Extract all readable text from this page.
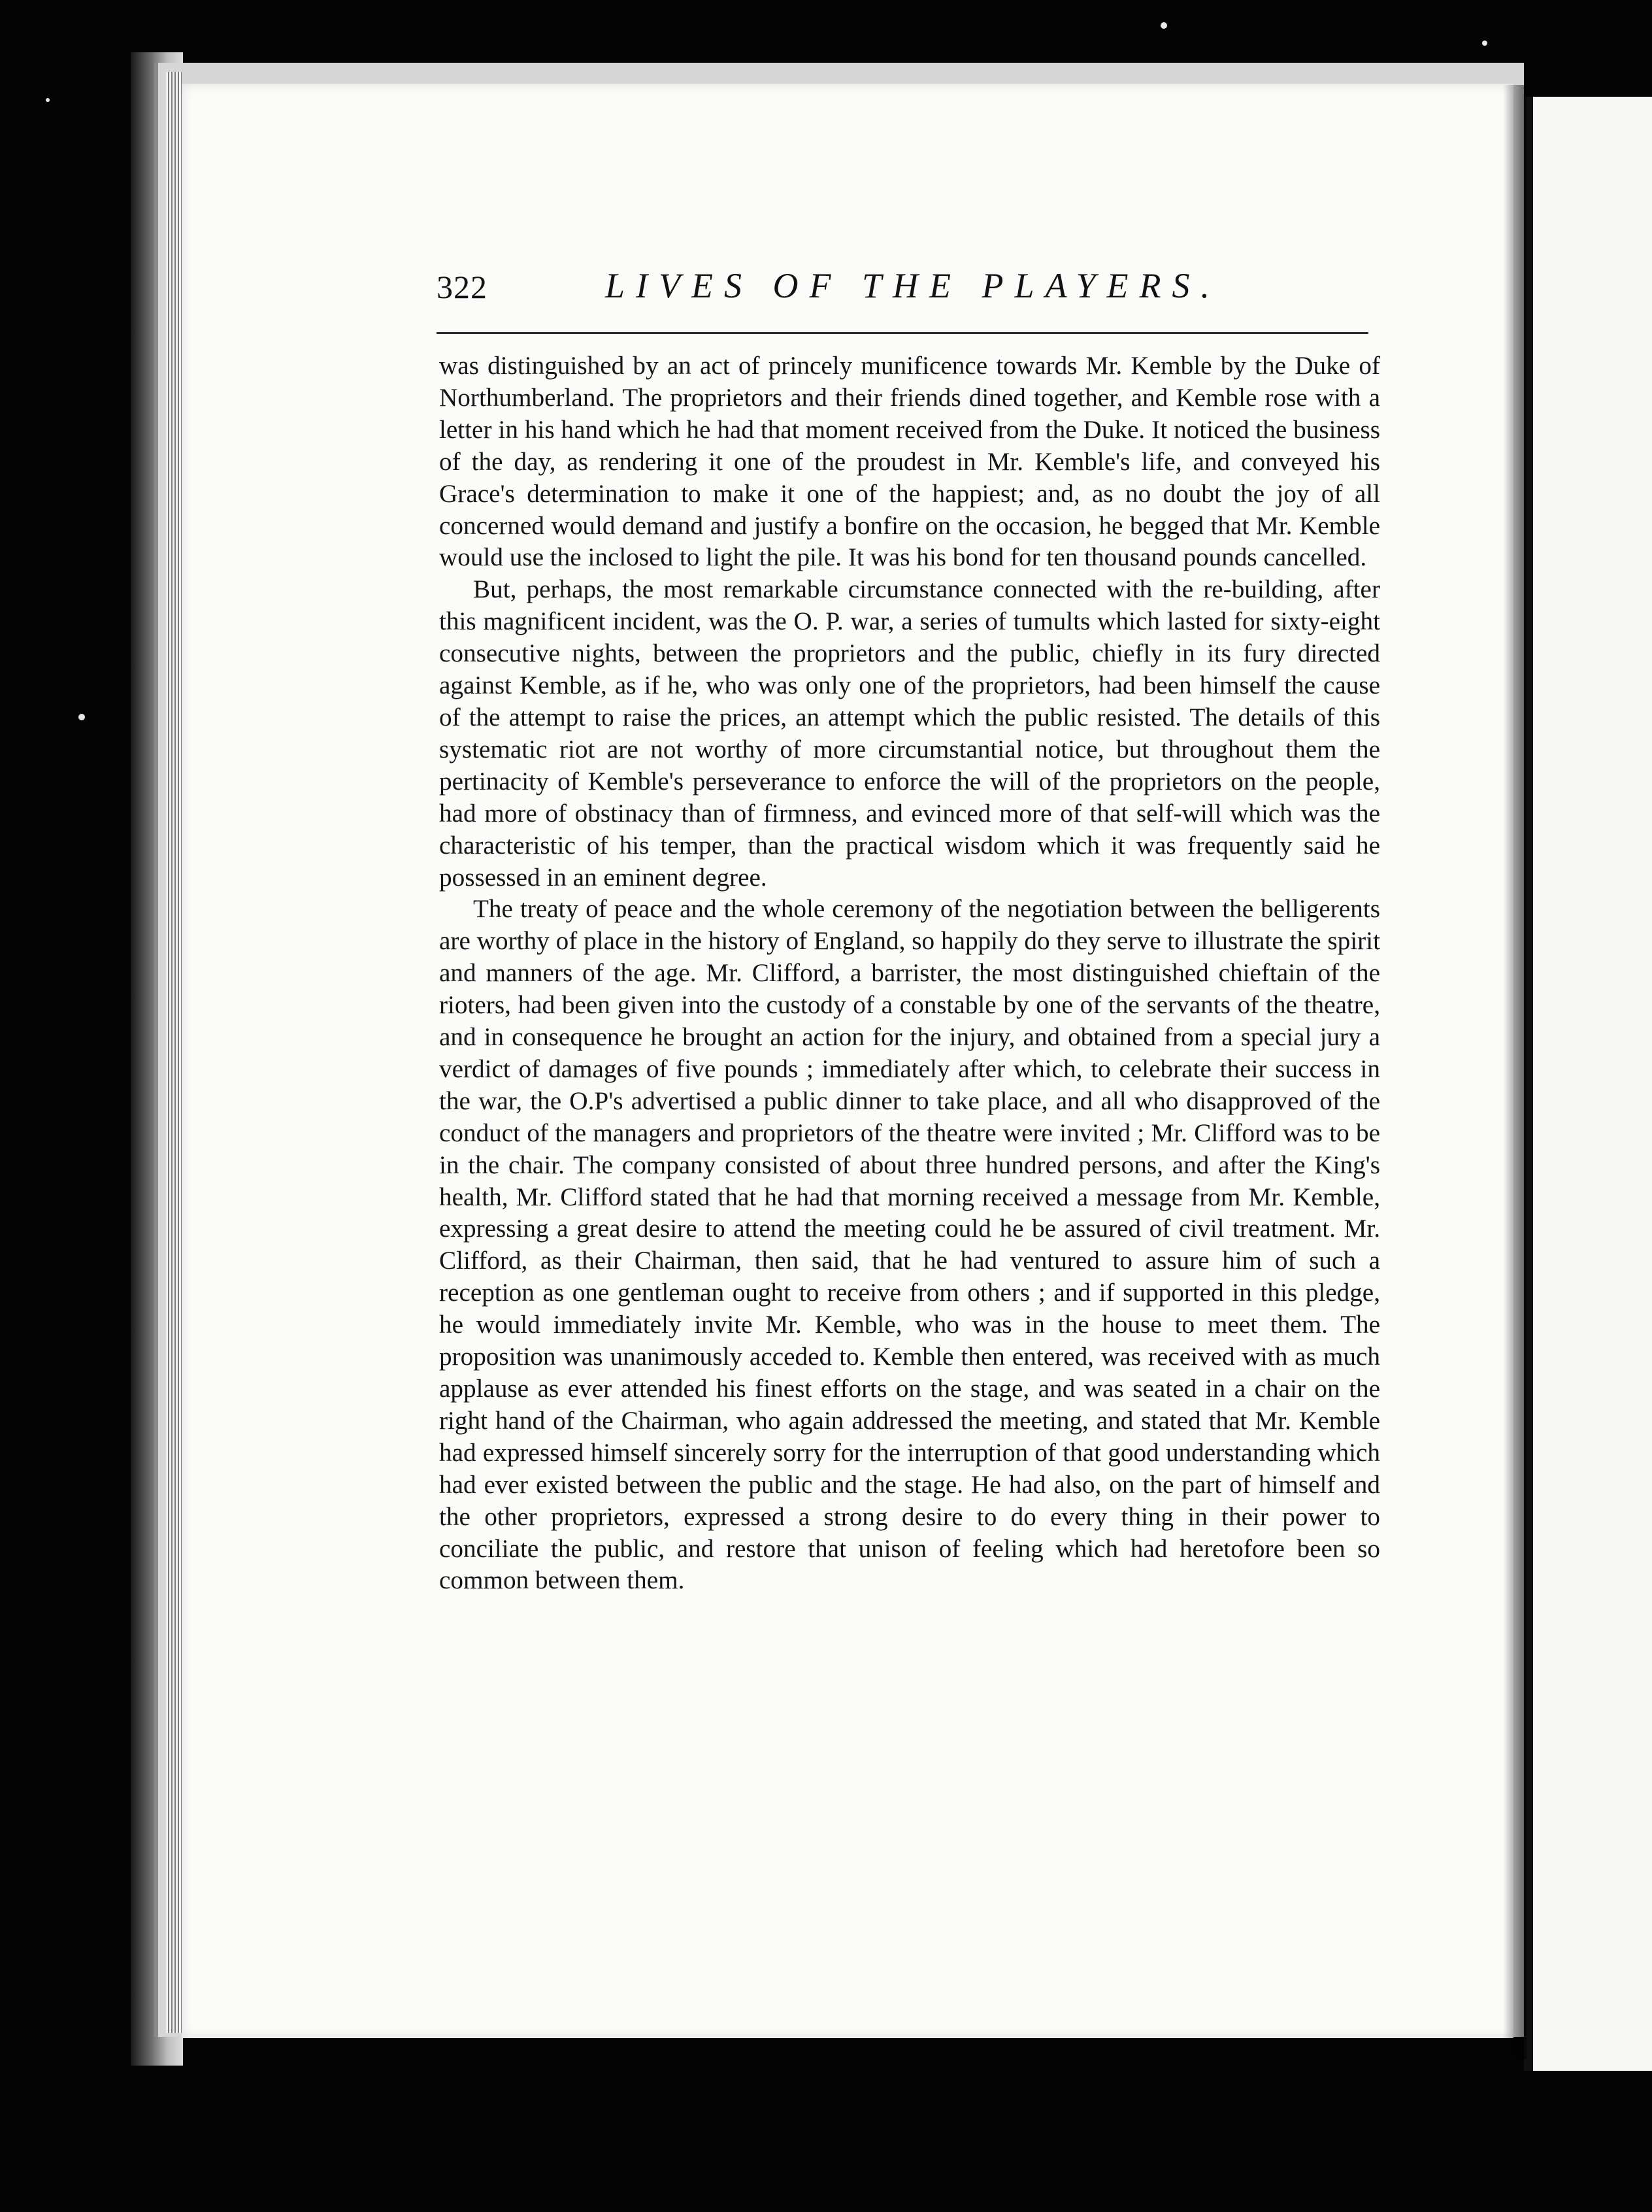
322	LIVES OF THE PLAYERS.

was distinguished by an act of princely munificence towards Mr. Kemble by the Duke of Northumberland. The proprietors and their friends dined together, and Kemble rose with a letter in his hand which he had that moment received from the Duke. It noticed the business of the day, as rendering it one of the proudest in Mr. Kemble's life, and conveyed his Grace's determination to make it one of the happiest; and, as no doubt the joy of all concerned would demand and justify a bonfire on the occasion, he begged that Mr. Kemble would use the inclosed to light the pile. It was his bond for ten thousand pounds cancelled.

But, perhaps, the most remarkable circumstance connected with the re-building, after this magnificent incident, was the O. P. war, a series of tumults which lasted for sixty-eight consecutive nights, between the proprietors and the public, chiefly in its fury directed against Kemble, as if he, who was only one of the proprietors, had been himself the cause of the attempt to raise the prices, an attempt which the public resisted. The details of this systematic riot are not worthy of more circumstantial notice, but throughout them the pertinacity of Kemble's perseverance to enforce the will of the proprietors on the people, had more of obstinacy than of firmness, and evinced more of that self-will which was the characteristic of his temper, than the practical wisdom which it was frequently said he possessed in an eminent degree.

The treaty of peace and the whole ceremony of the negotiation between the belligerents are worthy of place in the history of England, so happily do they serve to illustrate the spirit and manners of the age. Mr. Clifford, a barrister, the most distinguished chieftain of the rioters, had been given into the custody of a constable by one of the servants of the theatre, and in consequence he brought an action for the injury, and obtained from a special jury a verdict of damages of five pounds ; immediately after which, to celebrate their success in the war, the O.P's advertised a public dinner to take place, and all who disapproved of the conduct of the managers and proprietors of the theatre were invited ; Mr. Clifford was to be in the chair. The company consisted of about three hundred persons, and after the King's health, Mr. Clifford stated that he had that morning received a message from Mr. Kemble, expressing a great desire to attend the meeting could he be assured of civil treatment. Mr. Clifford, as their Chairman, then said, that he had ventured to assure him of such a reception as one gentleman ought to receive from others ; and if supported in this pledge, he would immediately invite Mr. Kemble, who was in the house to meet them. The proposition was unanimously acceded to. Kemble then entered, was received with as much applause as ever attended his finest efforts on the stage, and was seated in a chair on the right hand of the Chairman, who again addressed the meeting, and stated that Mr. Kemble had expressed himself sincerely sorry for the interruption of that good understanding which had ever existed between the public and the stage. He had also, on the part of himself and the other proprietors, expressed a strong desire to do every thing in their power to conciliate the public, and restore that unison of feeling which had heretofore been so common between them.
